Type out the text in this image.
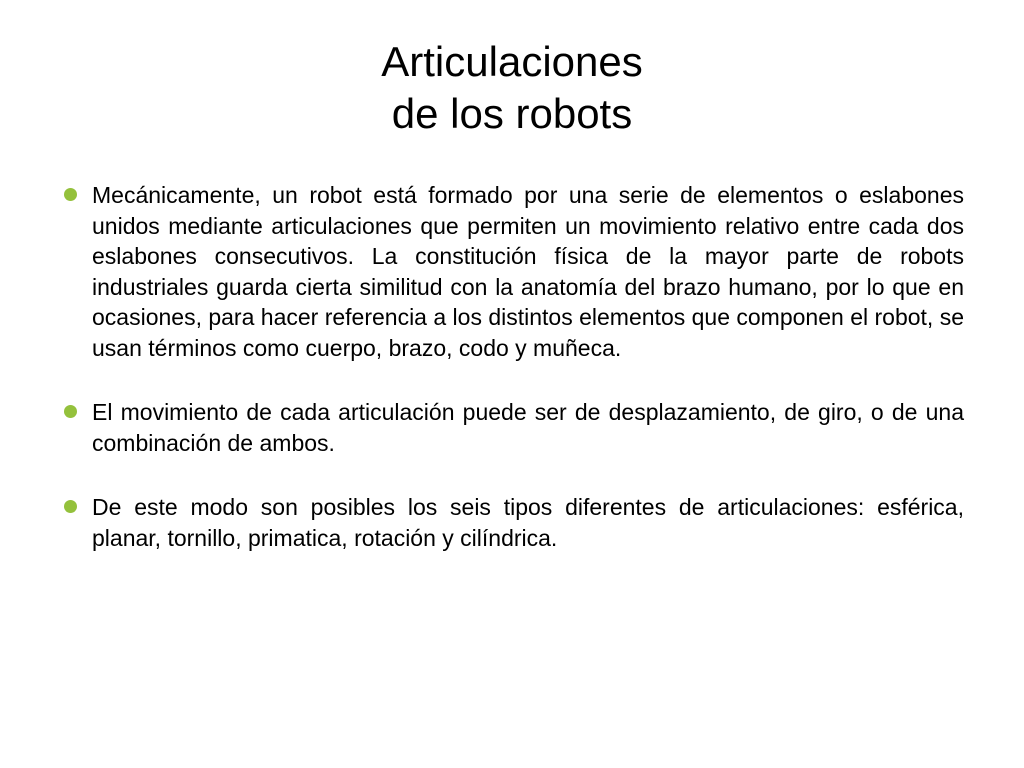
Articulaciones
de los robots
Mecánicamente, un robot está formado por una serie de elementos o eslabones unidos mediante articulaciones que permiten un movimiento relativo entre cada dos eslabones consecutivos. La constitución física de la mayor parte de robots industriales guarda cierta similitud con la anatomía del brazo humano, por lo que en ocasiones, para hacer referencia a los distintos elementos que componen el robot, se usan términos como cuerpo, brazo, codo y muñeca.
El movimiento de cada articulación puede ser de desplazamiento, de giro, o de una combinación de ambos.
De este modo son posibles los seis tipos diferentes de articulaciones: esférica, planar, tornillo, primatica, rotación y cilíndrica.
